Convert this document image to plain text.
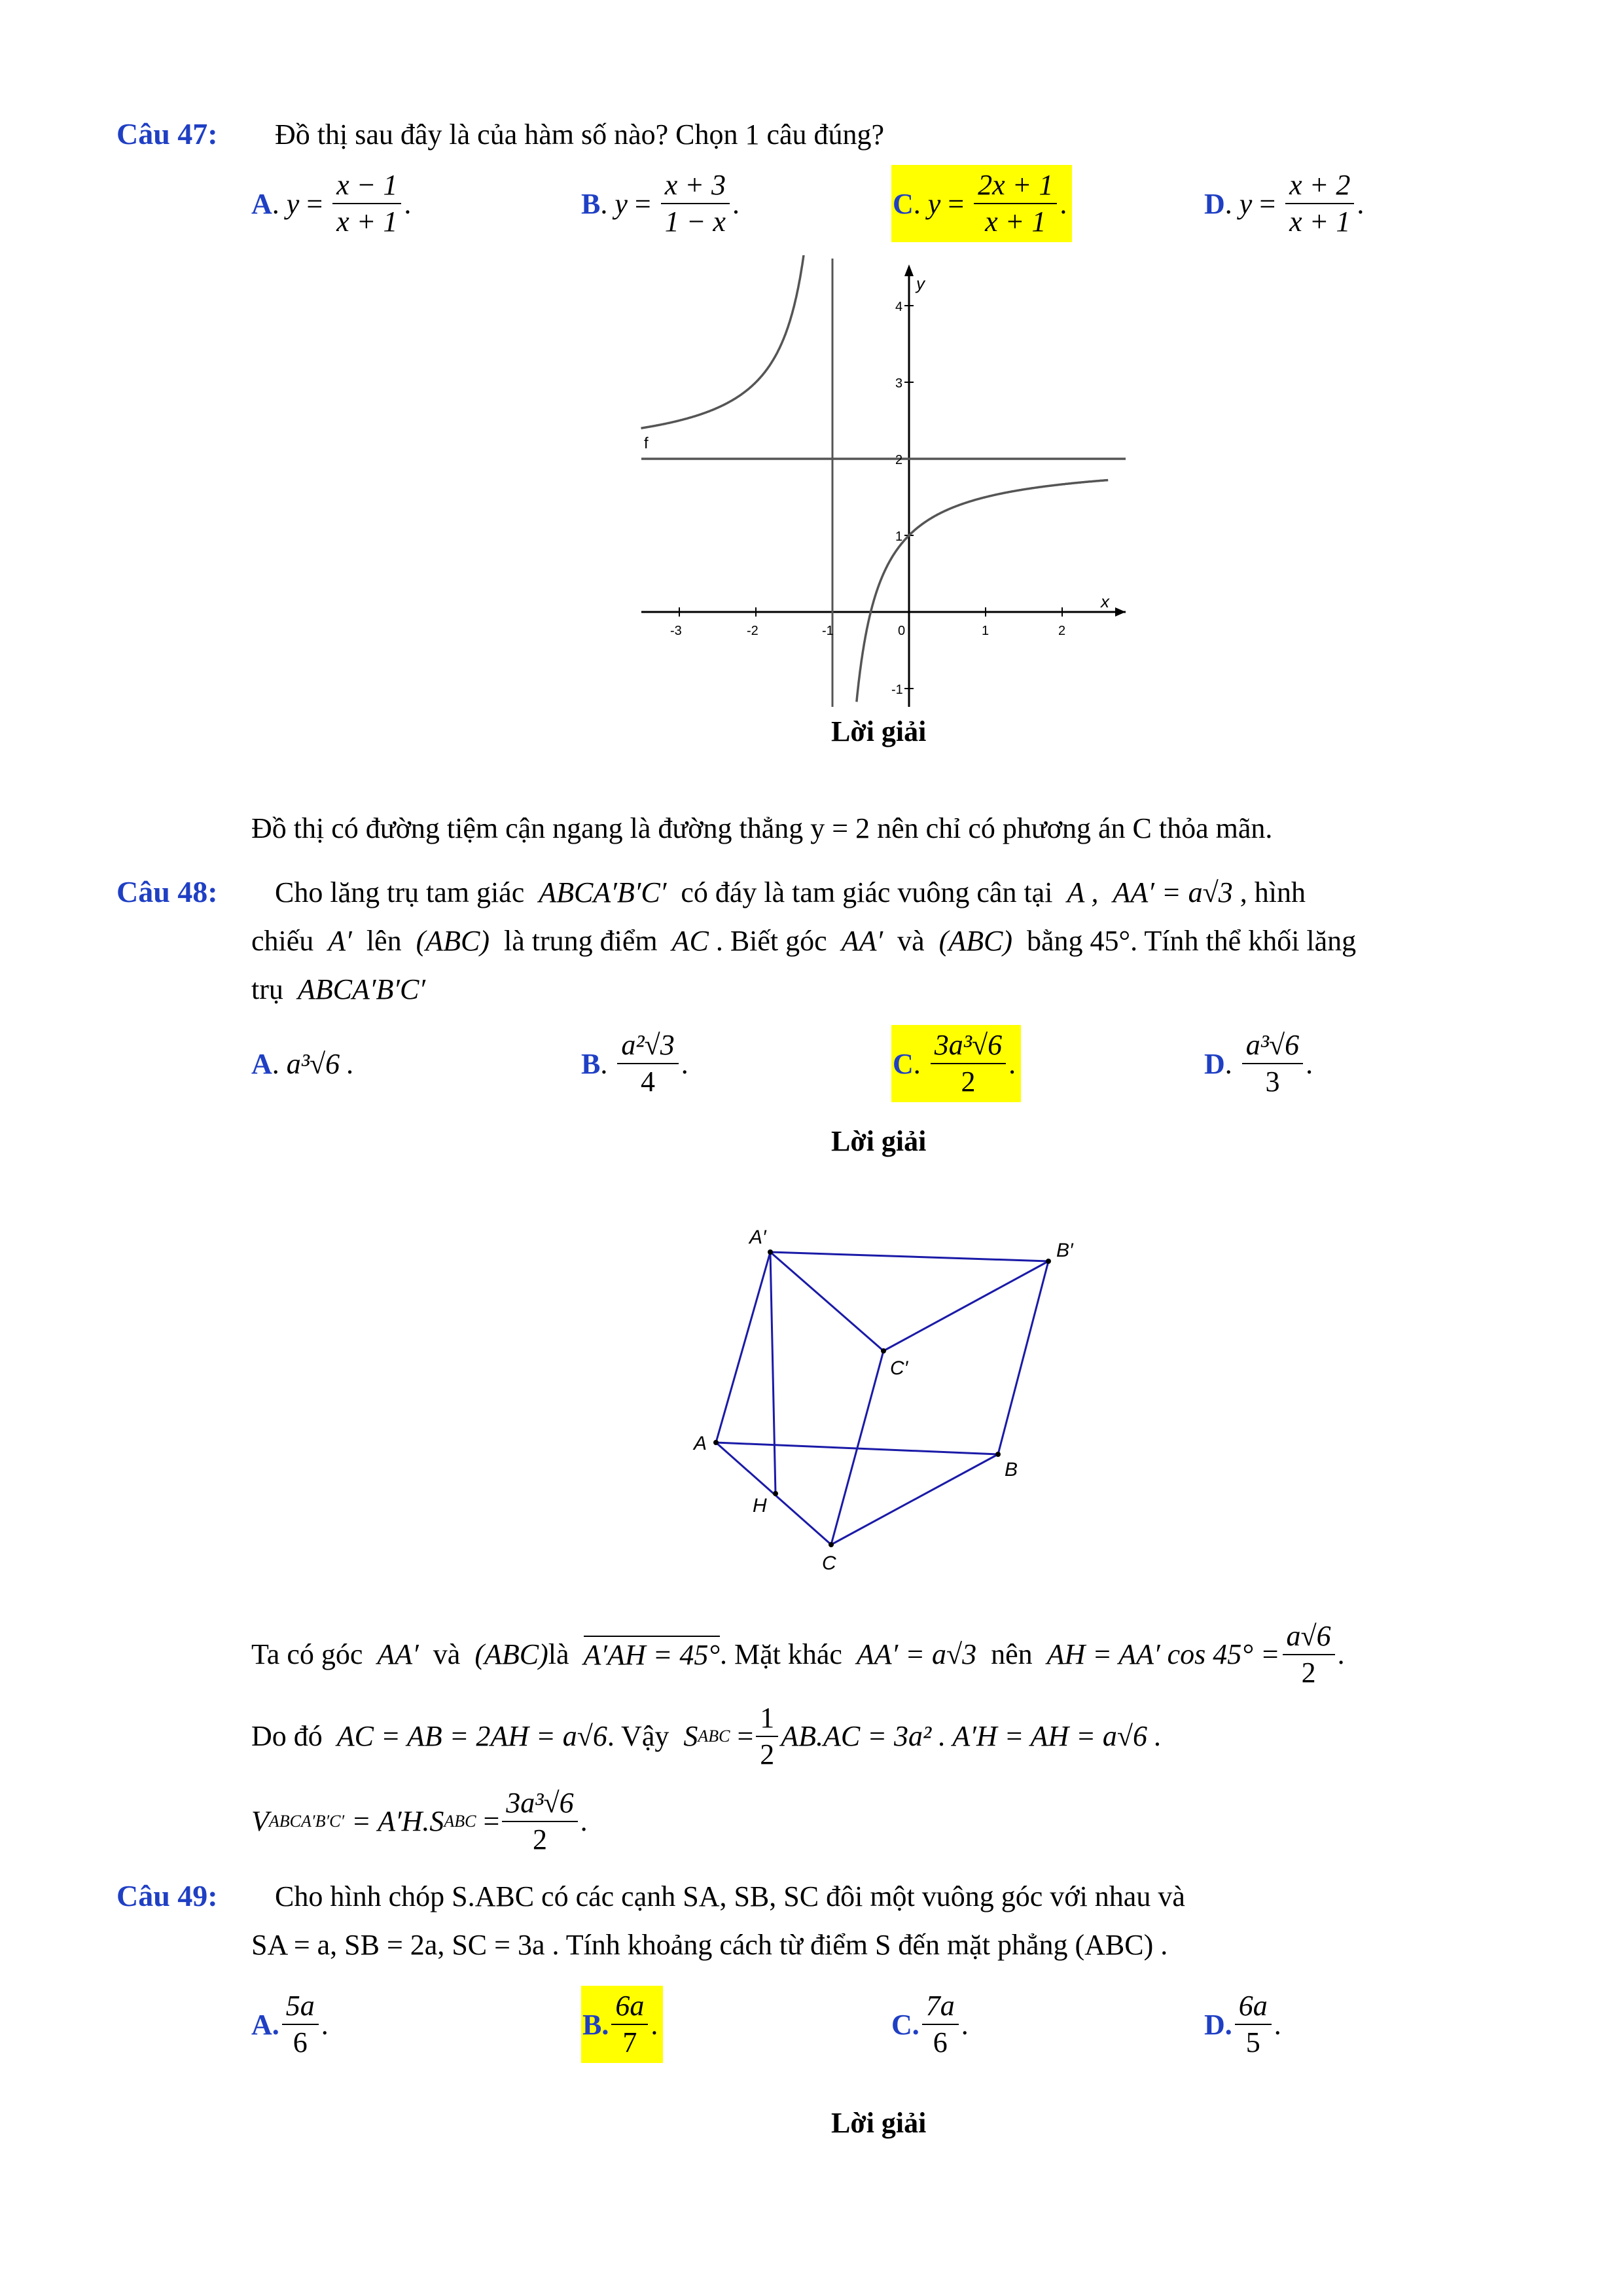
Câu 47: Đồ thị sau đây là của hàm số nào? Chọn 1 câu đúng?
A . $y = \frac{x - 1}{x + 1}$ .	B . $y = \frac{x + 3}{1 - x}$ .	C . $y = \frac{2x + 1}{x + 1}$ .	D . $y = \frac{x + 2}{x + 1}$ .
f
x
y
-3	-2	-1	0	1	2
4
3
2
1
-1
Lời giải
Đồ thị có đường tiệm cận ngang là đường thẳng y = 2 nên chỉ có phương án C thỏa mãn.
Câu 48: Cho lăng trụ tam giác ABCA′B′C′ có đáy là tam giác vuông cân tại A , AA′ = a√3 , hình
chiếu A′ lên (ABC) là trung điểm AC . Biết góc AA′ và (ABC) bằng 45°. Tính thể khối lăng
trụ ABCA′B′C′
A . a³√6 .	B . $\frac{\text{a²√3}}{4}$ .	C . $\frac{\text{3a³√6}}{2}$ .	D . $\frac{\text{a³√6}}{3}$ .
Lời giải
A′
B′
C′
A
B
H
C
Ta có góc
AA′
và
(ABC) là
A′AH = 45° . Mặt khác
AA′ = a√3
nên
AH = AA′ $\cos 45^\circ = \frac{a√6}{2}$ .
Do đó
AC = AB = 2AH = a√6 . Vậy
S ABC
= $\frac{1}{2} AB.AC = 3a^2$ . A′H = AH = a√6 .
V ABCA′B′C′
= A′H.S ABC
= $\frac{\text{3a³√6}}{2}$ .
Câu 49: Cho hình chóp S.ABC có các cạnh SA, SB, SC đôi một vuông góc với nhau và
SA = a, SB = 2a, SC = 3a . Tính khoảng cách từ điểm S đến mặt phẳng (ABC) .
A . $\frac{5a}{6}$ .	B . $\frac{6a}{7}$ .	C . $\frac{7a}{6}$ .	D . $\frac{6a}{5}$ .
Lời giải
